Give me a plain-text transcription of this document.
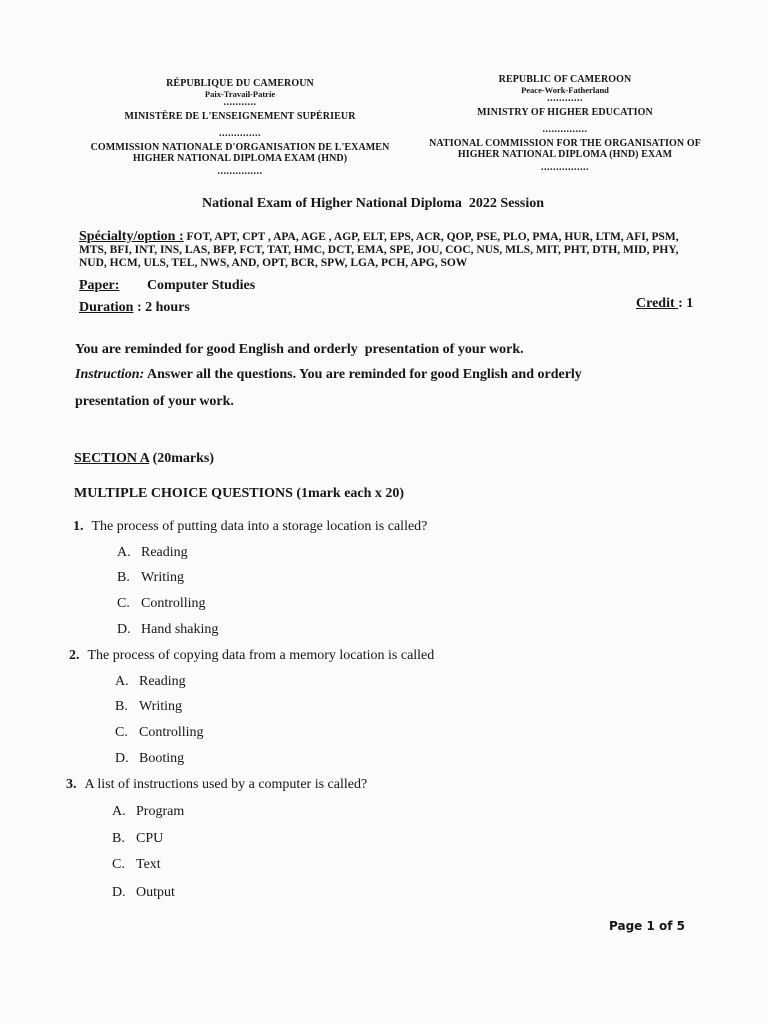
RÉPUBLIQUE DU CAMEROUN
Paix-Travail-Patrie
...........
MINISTÈRE DE L'ENSEIGNEMENT SUPÉRIEUR
..............
COMMISSION NATIONALE D'ORGANISATION DE L'EXAMEN
HIGHER NATIONAL DIPLOMA EXAM (HND)
...............
REPUBLIC OF CAMEROON
Peace-Work-Fatherland
............
MINISTRY OF HIGHER EDUCATION
...............
NATIONAL COMMISSION FOR THE ORGANISATION OF
HIGHER NATIONAL DIPLOMA (HND) EXAM
................
National Exam of Higher National Diploma  2022 Session
Spécialty/option : FOT, APT, CPT , APA, AGE , AGP, ELT, EPS, ACR, QOP, PSE, PLO, PMA, HUR, LTM, AFI, PSM, MTS, BFI, INT, INS, LAS, BFP, FCT, TAT, HMC, DCT, EMA, SPE, JOU, COC, NUS, MLS, MIT, PHT, DTH, MID, PHY, NUD, HCM, ULS, TEL, NWS, AND, OPT, BCR, SPW, LGA, PCH, APG, SOW
Paper: Computer Studies
Duration : 2 hours	Credit : 1
You are reminded for good English and orderly  presentation of your work.
Instruction: Answer all the questions. You are reminded for good English and orderly
presentation of your work.
SECTION A (20marks)
MULTIPLE CHOICE QUESTIONS (1mark each x 20)
1. The process of putting data into a storage location is called?
A. Reading
B. Writing
C. Controlling
D. Hand shaking
2. The process of copying data from a memory location is called
A. Reading
B. Writing
C. Controlling
D. Booting
3. A list of instructions used by a computer is called?
A. Program
B. CPU
C. Text
D. Output
Page 1 of 5
